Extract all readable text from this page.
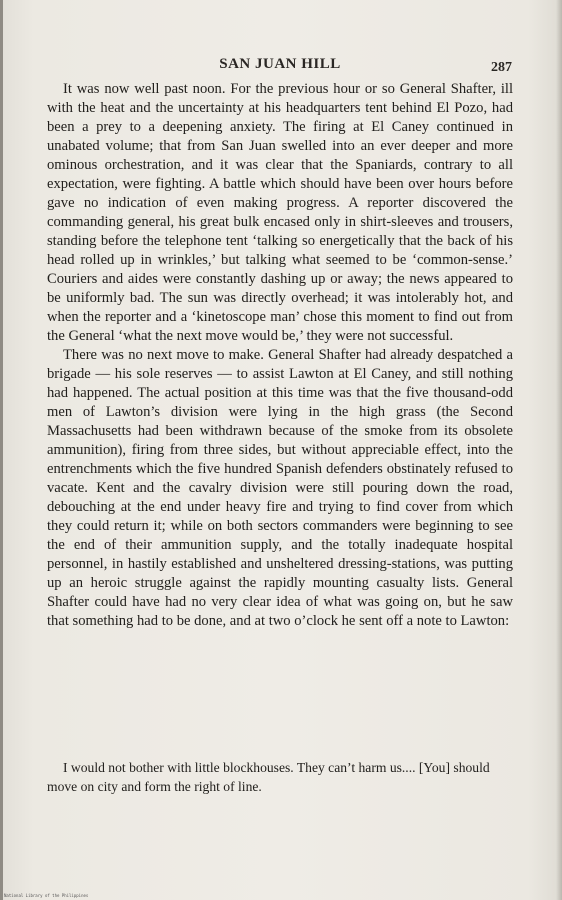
SAN JUAN HILL	287

It was now well past noon. For the previous hour or so General Shafter, ill with the heat and the uncertainty at his headquarters tent behind El Pozo, had been a prey to a deepening anxiety. The firing at El Caney continued in unabated volume; that from San Juan swelled into an ever deeper and more ominous orchestration, and it was clear that the Spaniards, contrary to all expectation, were fighting. A battle which should have been over hours before gave no indication of even making progress. A reporter discovered the commanding general, his great bulk encased only in shirt-sleeves and trousers, standing before the telephone tent ‘talking so energetically that the back of his head rolled up in wrinkles,’ but talking what seemed to be ‘common-sense.’ Couriers and aides were constantly dashing up or away; the news appeared to be uniformly bad. The sun was directly overhead; it was intolerably hot, and when the reporter and a ‘kinetoscope man’ chose this moment to find out from the General ‘what the next move would be,’ they were not successful.

There was no next move to make. General Shafter had already despatched a brigade — his sole reserves — to assist Lawton at El Caney, and still nothing had happened. The actual position at this time was that the five thousand-odd men of Lawton’s division were lying in the high grass (the Second Massachusetts had been withdrawn because of the smoke from its obsolete ammunition), firing from three sides, but without appreciable effect, into the entrenchments which the five hundred Spanish defenders obstinately refused to vacate. Kent and the cavalry division were still pouring down the road, debouching at the end under heavy fire and trying to find cover from which they could return it; while on both sectors commanders were beginning to see the end of their ammunition supply, and the totally inadequate hospital personnel, in hastily established and unsheltered dressing-stations, was putting up an heroic struggle against the rapidly mounting casualty lists. General Shafter could have had no very clear idea of what was going on, but he saw that something had to be done, and at two o’clock he sent off a note to Lawton:

I would not bother with little blockhouses. They can’t harm us.... [You] should move on city and form the right of line.
National Library of the Philippines
